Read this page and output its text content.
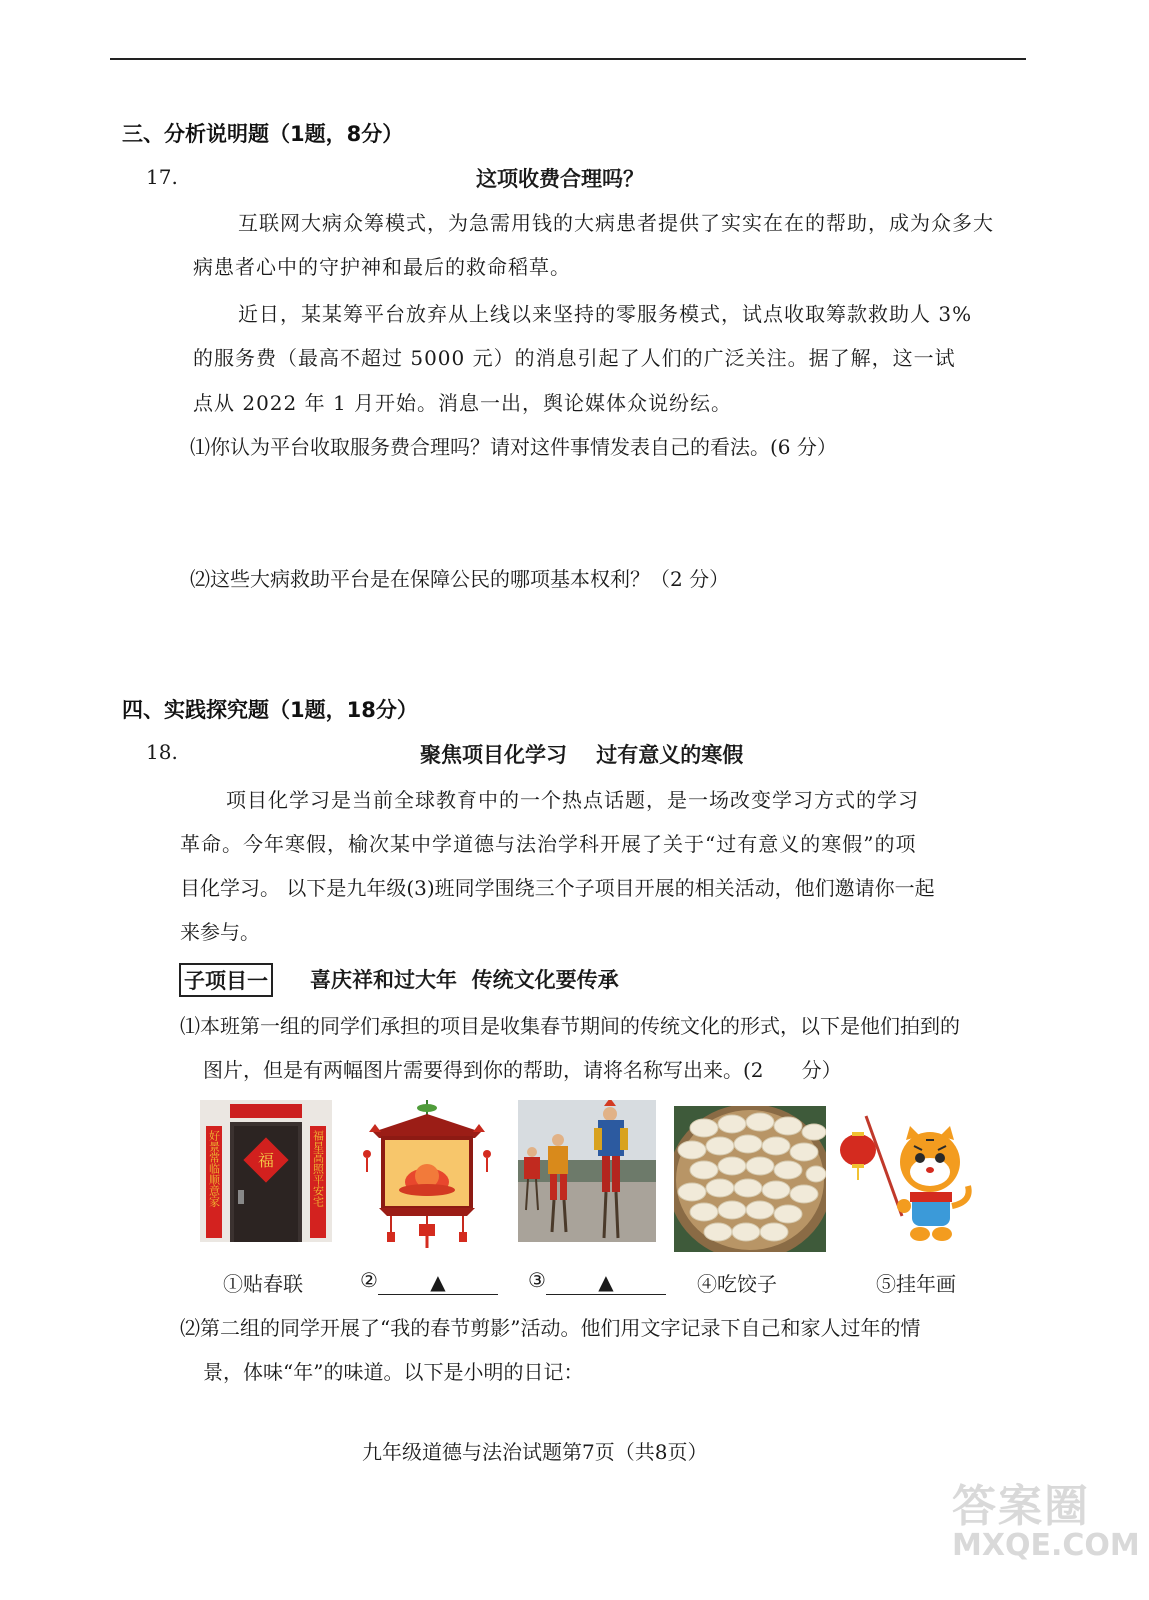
三、分析说明题（1题，8分）
17.	这项收费合理吗？
互联网大病众筹模式，为急需用钱的大病患者提供了实实在在的帮助，成为众多大
病患者心中的守护神和最后的救命稻草。
近日，某某筹平台放弃从上线以来坚持的零服务模式，试点收取筹款救助人 3%
的服务费（最高不超过 5000 元）的消息引起了人们的广泛关注。据了解，这一试
点从 2022 年 1 月开始。消息一出，舆论媒体众说纷纭。
⑴你认为平台收取服务费合理吗？请对这件事情发表自己的看法。(6 分）
⑵这些大病救助平台是在保障公民的哪项基本权利？（2 分）
四、实践探究题（1题，18分）
18.	聚焦项目化学习    过有意义的寒假
项目化学习是当前全球教育中的一个热点话题，是一场改变学习方式的学习
革命。今年寒假，榆次某中学道德与法治学科开展了关于“过有意义的寒假”的项
目化学习。 以下是九年级(3)班同学围绕三个子项目开展的相关活动，他们邀请你一起
来参与。
子项目一 喜庆祥和过大年  传统文化要传承
⑴本班第一组的同学们承担的项目是收集春节期间的传统文化的形式，以下是他们拍到的
图片，但是有两幅图片需要得到你的帮助，请将名称写出来。(2      分）
福
好景常临顺意家	福星高照平安宅
①贴春联	②	▲	③	▲	④吃饺子	⑤挂年画
⑵第二组的同学开展了“我的春节剪影”活动。他们用文字记录下自己和家人过年的情
景，体味“年”的味道。以下是小明的日记：
九年级道德与法治试题第7页（共8页）
答案圈
MXQE.COM
